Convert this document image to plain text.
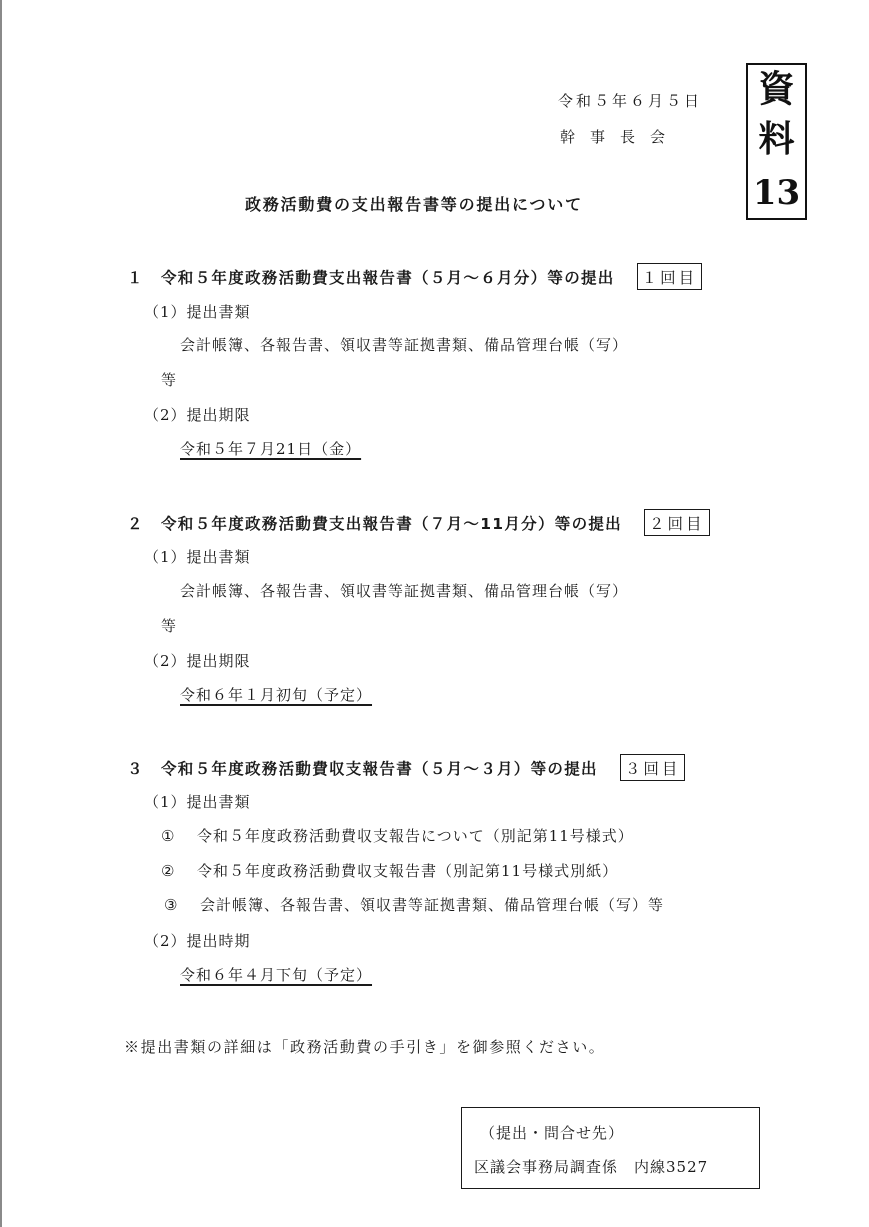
令和５年６月５日
幹事長会
資
料
13
政務活動費の支出報告書等の提出について
１ 令和５年度政務活動費支出報告書（５月～６月分）等の提出 １回目
（1）提出書類
会計帳簿、各報告書、領収書等証拠書類、備品管理台帳（写）
等
（2）提出期限
令和５年７月21日（金）
２ 令和５年度政務活動費支出報告書（７月～11月分）等の提出 ２回目
（1）提出書類
会計帳簿、各報告書、領収書等証拠書類、備品管理台帳（写）
等
（2）提出期限
令和６年１月初旬（予定）
３ 令和５年度政務活動費収支報告書（５月～３月）等の提出 ３回目
（1）提出書類
① 令和５年度政務活動費収支報告について（別記第11号様式）
② 令和５年度政務活動費収支報告書（別記第11号様式別紙）
③ 会計帳簿、各報告書、領収書等証拠書類、備品管理台帳（写）等
（2）提出時期
令和６年４月下旬（予定）
※提出書類の詳細は「政務活動費の手引き」を御参照ください。
（提出・問合せ先）
区議会事務局調査係　内線3527
